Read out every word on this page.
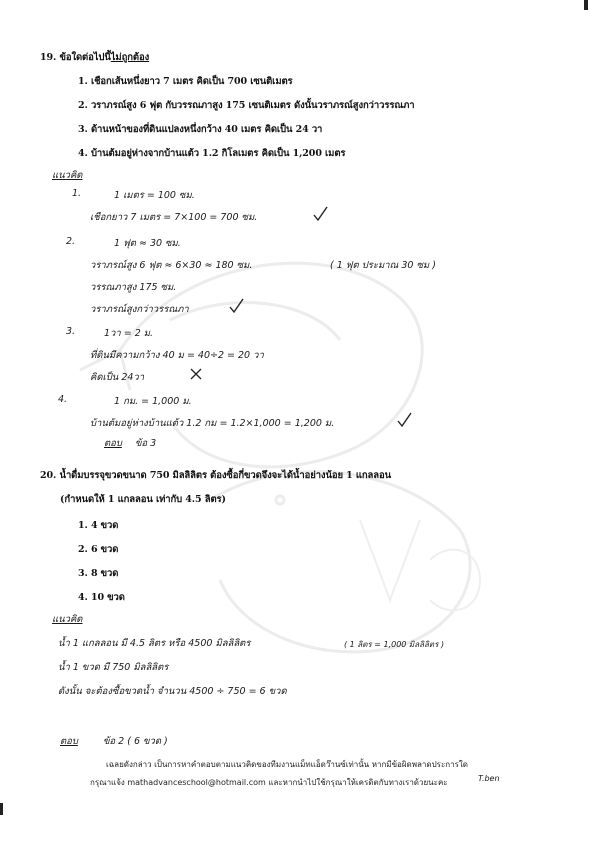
19. ข้อใดต่อไปนี้ไม่ถูกต้อง
1. เชือกเส้นหนึ่งยาว 7 เมตร คิดเป็น 700 เซนติเมตร
2. วราภรณ์สูง 6 ฟุต กับวรรณภาสูง 175 เซนติเมตร ดังนั้นวราภรณ์สูงกว่าวรรณภา
3. ด้านหน้าของที่ดินแปลงหนึ่งกว้าง 40 เมตร คิดเป็น 24 วา
4. บ้านต้มอยู่ห่างจากบ้านแต้ว 1.2 กิโลเมตร คิดเป็น 1,200 เมตร
แนวคิด
1.	1 เมตร = 100 ซม.
เชือกยาว 7 เมตร = 7×100 = 700 ซม.
2.	1 ฟุต ≈ 30 ซม.
วราภรณ์สูง 6 ฟุต ≈ 6×30 ≈ 180 ซม.	( 1 ฟุต ประมาณ 30 ซม )
วรรณภาสูง 175 ซม.
วราภรณ์สูงกว่าวรรณภา
3.	1วา = 2 ม.
ที่ดินมีความกว้าง 40 ม = 40÷2 = 20 วา
คิดเป็น 24วา
4.	1 กม. = 1,000 ม.
บ้านต้มอยู่ห่างบ้านแต้ว 1.2 กม = 1.2×1,000 = 1,200 ม.
ตอบ ข้อ 3
20. น้ำดื่มบรรจุขวดขนาด 750 มิลลิลิตร ต้องซื้อกี่ขวดจึงจะได้น้ำอย่างน้อย 1 แกลลอน
(กำหนดให้ 1 แกลลอน เท่ากับ 4.5 ลิตร)
1. 4 ขวด
2. 6 ขวด
3. 8 ขวด
4. 10 ขวด
แนวคิด
น้ำ 1 แกลลอน มี 4.5 ลิตร หรือ 4500 มิลลิลิตร	( 1 ลิตร = 1,000 มิลลิลิตร )
น้ำ 1 ขวด มี 750 มิลลิลิตร
ดังนั้น จะต้องซื้อขวดน้ำ จำนวน 4500 ÷ 750 = 6 ขวด
ตอบ	ข้อ 2 ( 6 ขวด )
เฉลยดังกล่าว เป็นการหาคำตอบตามแนวคิดของทีมงานแม็ทแอ็ดว๊านซ์เท่านั้น หากมีข้อผิดพลาดประการใด
กรุณาแจ้ง mathadvanceschool@hotmail.com และหากนำไปใช้กรุณาให้เครดิตกับทางเราด้วยนะคะ	T.ben
